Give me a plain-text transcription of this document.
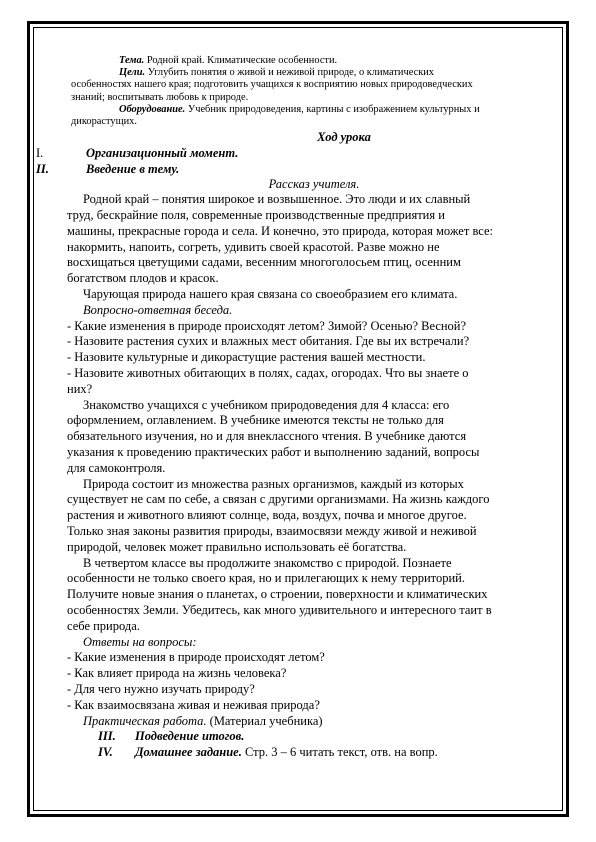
Тема. Родной край. Климатические особенности.
Цели. Углубить понятия о живой и неживой природе, о климатических
особенностях нашего края; подготовить учащихся к восприятию новых природоведческих
знаний; воспитывать любовь к природе.
Оборудование. Учебник природоведения, картины с изображением культурных и
дикорастущих.
Ход урока
I.	Организационный момент.
II.	Введение в тему.
Рассказ учителя.
Родной край – понятия широкое и возвышенное. Это люди и их славный
труд, бескрайние поля, современные производственные предприятия и
машины, прекрасные города и села. И конечно, это природа, которая может все:
накормить, напоить, согреть, удивить своей красотой. Разве можно не
восхищаться цветущими садами, весенним многоголосьем птиц, осенним
богатством плодов и красок.
Чарующая природа нашего края связана со своеобразием его климата.
Вопросно-ответная беседа.
- Какие изменения в природе происходят летом? Зимой? Осенью? Весной?
- Назовите растения сухих и влажных мест обитания. Где вы их встречали?
- Назовите культурные и дикорастущие растения вашей местности.
- Назовите животных обитающих в полях, садах, огородах. Что вы знаете о
них?
Знакомство учащихся с учебником природоведения для 4 класса: его
оформлением, оглавлением. В учебнике имеются тексты не только для
обязательного изучения, но и для внеклассного чтения. В учебнике даются
указания к проведению практических работ и выполнению заданий, вопросы
для самоконтроля.
Природа состоит из множества разных организмов, каждый из которых
существует не сам по себе, а связан с другими организмами. На жизнь каждого
растения и животного влияют солнце, вода, воздух, почва и многое другое.
Только зная законы развития природы, взаимосвязи между живой и неживой
природой, человек может правильно использовать её богатства.
В четвертом классе вы продолжите знакомство с природой. Познаете
особенности не только своего края, но и прилегающих к нему территорий.
Получите новые знания о планетах, о строении, поверхности и климатических
особенностях Земли. Убедитесь, как много удивительного и интересного таит в
себе природа.
Ответы на вопросы:
- Какие изменения в природе происходят летом?
- Как влияет природа на жизнь человека?
- Для чего нужно изучать природу?
- Как взаимосвязана живая и неживая природа?
Практическая работа. (Материал учебника)
III. Подведение итогов.
IV. Домашнее задание. Стр. 3 – 6 читать текст, отв. на вопр.
